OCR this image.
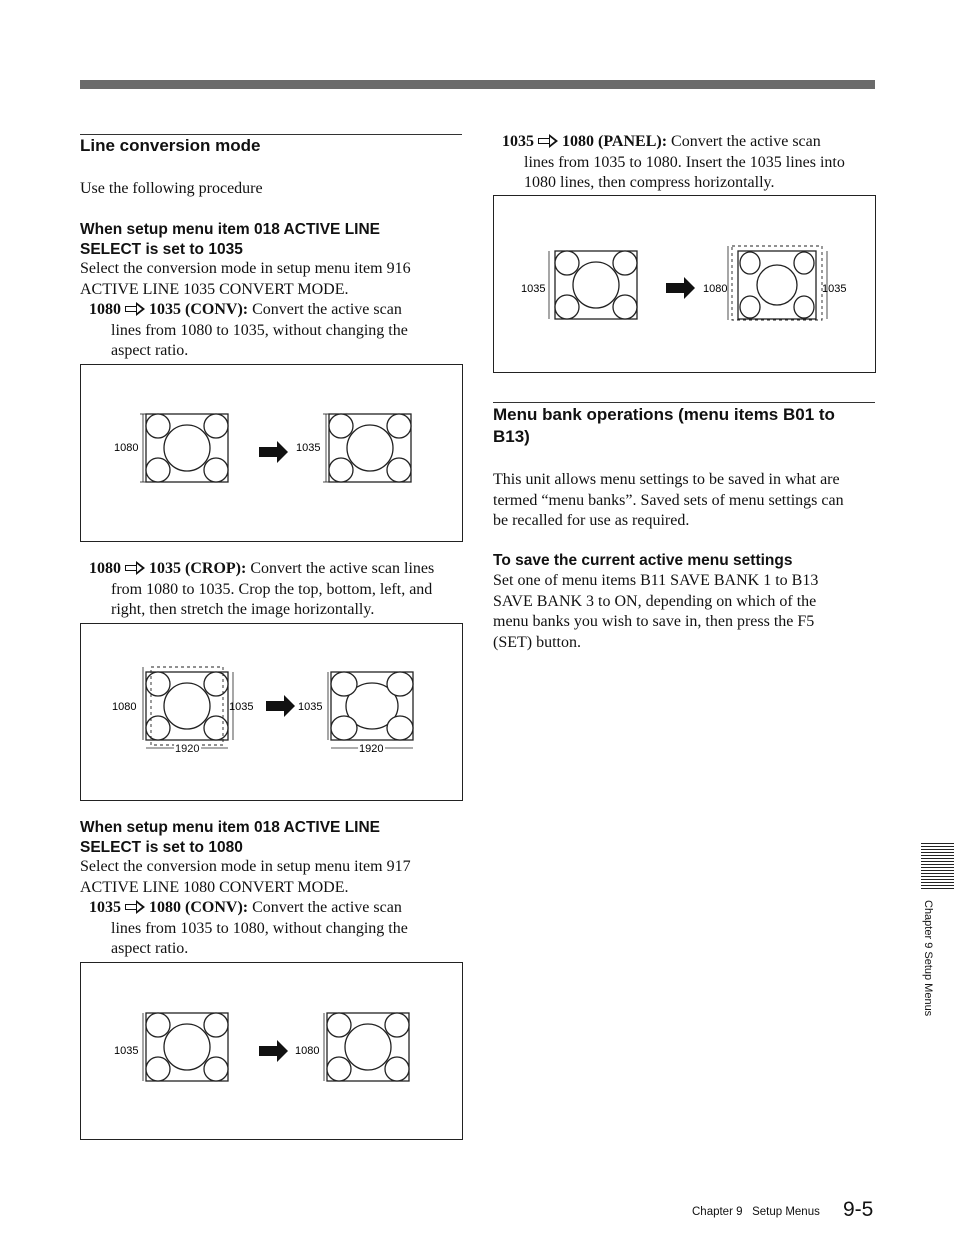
Line conversion mode
Use the following procedure
When setup menu item 018 ACTIVE LINE
SELECT is set to 1035
Select the conversion mode in setup menu item 916
ACTIVE LINE 1035 CONVERT MODE.
1080 1035 (CONV): Convert the active scan
lines from 1080 to 1035, without changing the
aspect ratio.
1080	1035
1080 1035 (CROP): Convert the active scan lines
from 1080 to 1035. Crop the top, bottom, left, and
right, then stretch the image horizontally.
1080	1035
1920
1035
1920
When setup menu item 018 ACTIVE LINE
SELECT is set to 1080
Select the conversion mode in setup menu item 917
ACTIVE LINE 1080 CONVERT MODE.
1035 1080 (CONV): Convert the active scan
lines from 1035 to 1080, without changing the
aspect ratio.
1035	1080
1035 1080 (PANEL): Convert the active scan
lines from 1035 to 1080. Insert the 1035 lines into
1080 lines, then compress horizontally.
1035	1080	1035
Menu bank operations (menu items B01 to
B13)
This unit allows menu settings to be saved in what are
termed “menu banks”. Saved sets of menu settings can
be recalled for use as required.
To save the current active menu settings
Set one of menu items B11 SAVE BANK 1 to B13
SAVE BANK 3 to ON, depending on which of the
menu banks you wish to save in, then press the F5
(SET) button.
Chapter 9 Setup Menus
Chapter 9   Setup Menus 9-5
